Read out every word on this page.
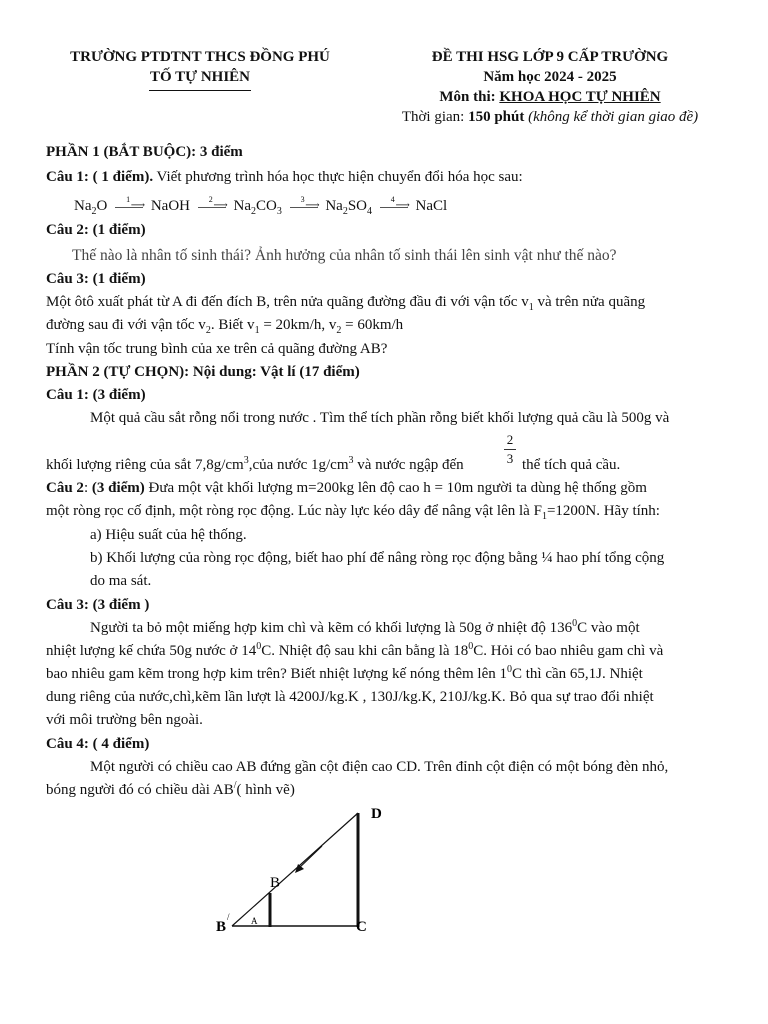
TRƯỜNG PTDTNT THCS ĐỒNG PHÚ
TỐ TỰ NHIÊN
ĐỀ THI HSG LỚP 9 CẤP TRƯỜNG
Năm học 2024 - 2025
Môn thi: KHOA HỌC TỰ NHIÊN
Thời gian: 150 phút (không kể thời gian giao đề)
PHẦN 1 (BẮT BUỘC): 3 điểm
Câu 1: ( 1 điểm). Viết phương trình hóa học thực hiện chuyển đổi hóa học sau:
$Na_2O$ 1
⟶ NaOH 2
⟶ $Na_2CO_3$
3
⟶ $Na_2SO_4$
4
⟶ NaCl
Câu 2: (1 điểm)
Thế nào là nhân tố sinh thái? Ảnh hưởng của nhân tố sinh thái lên sinh vật như thế nào?
Câu 3: (1 điểm)
Một ôtô xuất phát từ A đi đến đích B, trên nửa quãng đường đầu đi với vận tốc $v_1$ và trên nửa quãng
đường sau đi với vận tốc $v_2$. Biết $v_1 = 20km/h$, $v_2 = 60km/h$
Tính vận tốc trung bình của xe trên cả quãng đường AB?
PHẦN 2 (TỰ CHỌN): Nội dung: Vật lí (17 điểm)
Câu 1: (3 điểm)
Một quả cầu sắt rỗng nổi trong nước . Tìm thể tích phần rỗng biết khối lượng quả cầu là 500g và
khối lượng riêng của sắt $7,8g/cm^3,của$ nước $1g/cm^3$ và nước ngập đến
2
3 thể tích quả cầu.
Câu 2: (3 điểm) Đưa một vật khối lượng m=200kg lên độ cao h = 10m người ta dùng hệ thống gồm
một ròng rọc cố định, một ròng rọc động. Lúc này lực kéo dây để nâng vật lên là $F_1=1200N$. Hãy tính:
a) Hiệu suất của hệ thống.
b) Khối lượng của ròng rọc động, biết hao phí để nâng ròng rọc động bằng ¼ hao phí tổng cộng
do ma sát.
Câu 3: (3 điểm )
Người ta bỏ một miếng hợp kim chì và kẽm có khối lượng là 50g ở nhiệt độ $136^0C$ vào một
nhiệt lượng kế chứa 50g nước ở $14^0C$. Nhiệt độ sau khi cân bằng là $18^0C$. Hỏi có bao nhiêu gam chì và
bao nhiêu gam kẽm trong hợp kim trên? Biết nhiệt lượng kế nóng thêm lên $1^0C$ thì cần 65,1J. Nhiệt
dung riêng của nước,chì,kẽm lần lượt là 4200J/kg.K , 130J/kg.K, 210J/kg.K. Bỏ qua sự trao đổi nhiệt
với môi trường bên ngoài.
Câu 4: ( 4 điểm)
Một người có chiều cao AB đứng gần cột điện cao CD. Trên đỉnh cột điện có một bóng đèn nhỏ,
bóng người đó có chiều dài AB/( hình vẽ)
D
B
B
/ A	C
